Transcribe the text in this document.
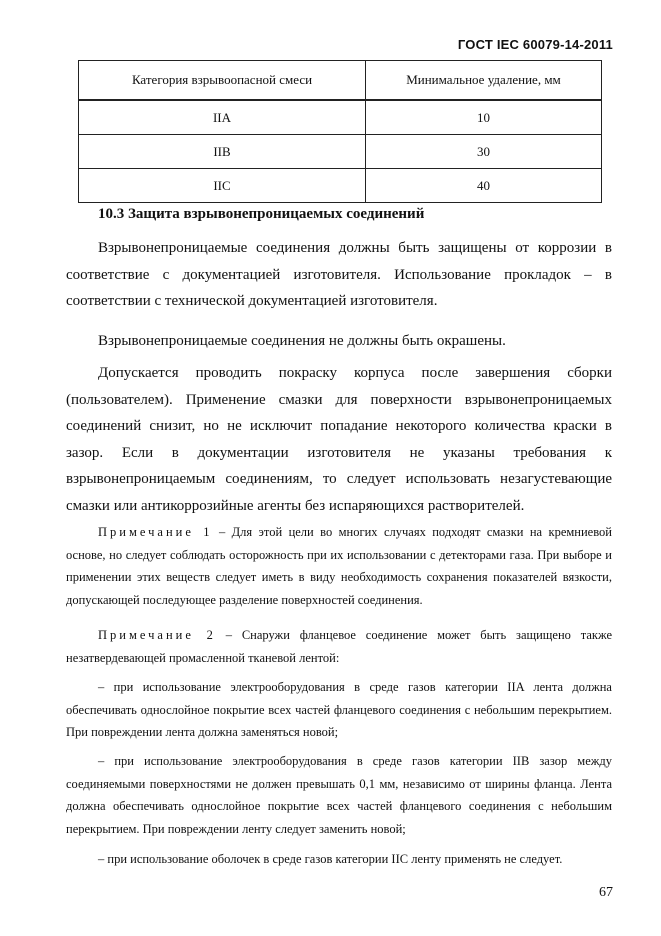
ГОСТ IEC 60079-14-2011
Категория взрывоопасной смеси	Минимальное удаление, мм
IIA	10
IIB	30
IIC	40
10.3 Защита взрывонепроницаемых соединений

Взрывонепроницаемые соединения должны быть защищены от коррозии в соответствие с документацией изготовителя. Использование прокладок – в соответствии с технической документацией изготовителя.

Взрывонепроницаемые соединения не должны быть окрашены.

Допускается проводить покраску корпуса после завершения сборки (пользователем). Применение смазки для поверхности взрывонепроницаемых соединений снизит, но не исключит попадание некоторого количества краски в зазор. Если в документации изготовителя не указаны требования к взрывонепроницаемым соединениям, то следует использовать незагустевающие смазки или антикоррозийные агенты без испаряющихся растворителей.

Примечание 1 – Для этой цели во многих случаях подходят смазки на кремниевой основе, но следует соблюдать осторожность при их использовании с детекторами газа. При выборе и применении этих веществ следует иметь в виду необходимость сохранения показателей вязкости, допускающей последующее разделение поверхностей соединения.

Примечание 2 – Снаружи фланцевое соединение может быть защищено также незатвердевающей промасленной тканевой лентой:

– при использование электрооборудования в среде газов категории IIA лента должна обеспечивать однослойное покрытие всех частей фланцевого соединения с небольшим перекрытием. При повреждении лента должна заменяться новой;

– при использование электрооборудования в среде газов категории IIB зазор между соединяемыми поверхностями не должен превышать 0,1 мм, независимо от ширины фланца. Лента должна обеспечивать однослойное покрытие всех частей фланцевого соединения с небольшим перекрытием. При повреждении ленту следует заменить новой;

– при использование оболочек в среде газов категории IIC ленту применять не следует.

67
